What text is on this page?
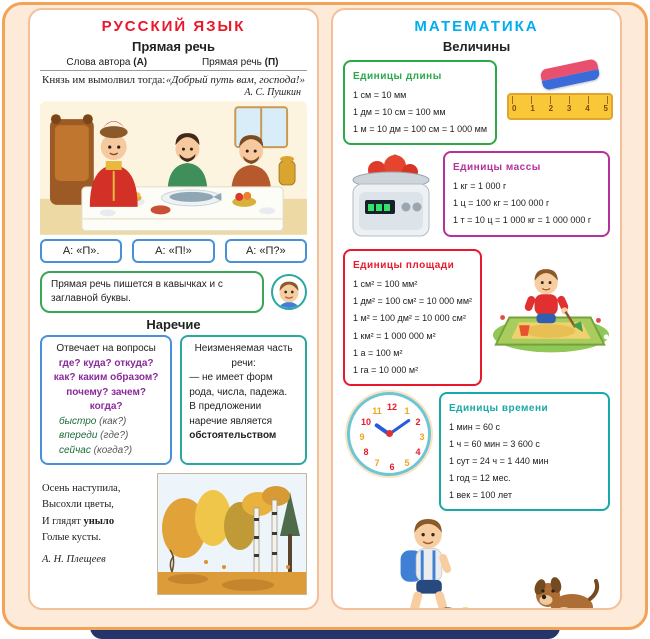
РУССКИЙ ЯЗЫК
Прямая речь
Слова автора (А)	Прямая речь (П)
Князь им вымолвил тогда: «Добрый путь вам, господа!»
А. С. Пушкин
А: «П».	А: «П!»	А: «П?»
Прямая речь пишется в кавычках и с заглавной буквы.
Наречие
Отвечает на вопросы
где? куда? откуда?
как? каким образом?
почему? зачем? когда?
быстро (как?)
впереди (где?)
сейчас (когда?)
Неизменяемая часть речи:
— не имеет форм рода, числа, падежа.
В предложении наречие является
обстоятельством
Осень наступила,
Высохли цветы,
И глядят уныло
Голые кусты.
А. Н. Плещеев
МАТЕМАТИКА
Величины
Единицы длины
1 см = 10 мм
1 дм = 10 см = 100 мм
1 м = 10 дм = 100 см = 1 000 мм
0 1 2 3 4 5
Единицы массы
1 кг = 1 000 г
1 ц = 100 кг = 100 000 г
1 т = 10 ц = 1 000 кг = 1 000 000 г
Единицы площади
1 см² = 100 мм²
1 дм² = 100 см² = 10 000 мм²
1 м² = 100 дм² = 10 000 см²
1 км² = 1 000 000 м²
1 а = 100 м²
1 га = 10 000 м²
12 1
2
3
4
5
6
7
8
9
10
11	Единицы времени
1 мин = 60 с
1 ч = 60 мин = 3 600 с
1 сут = 24 ч = 1 440 мин
1 год = 12 мес.
1 век = 100 лет
